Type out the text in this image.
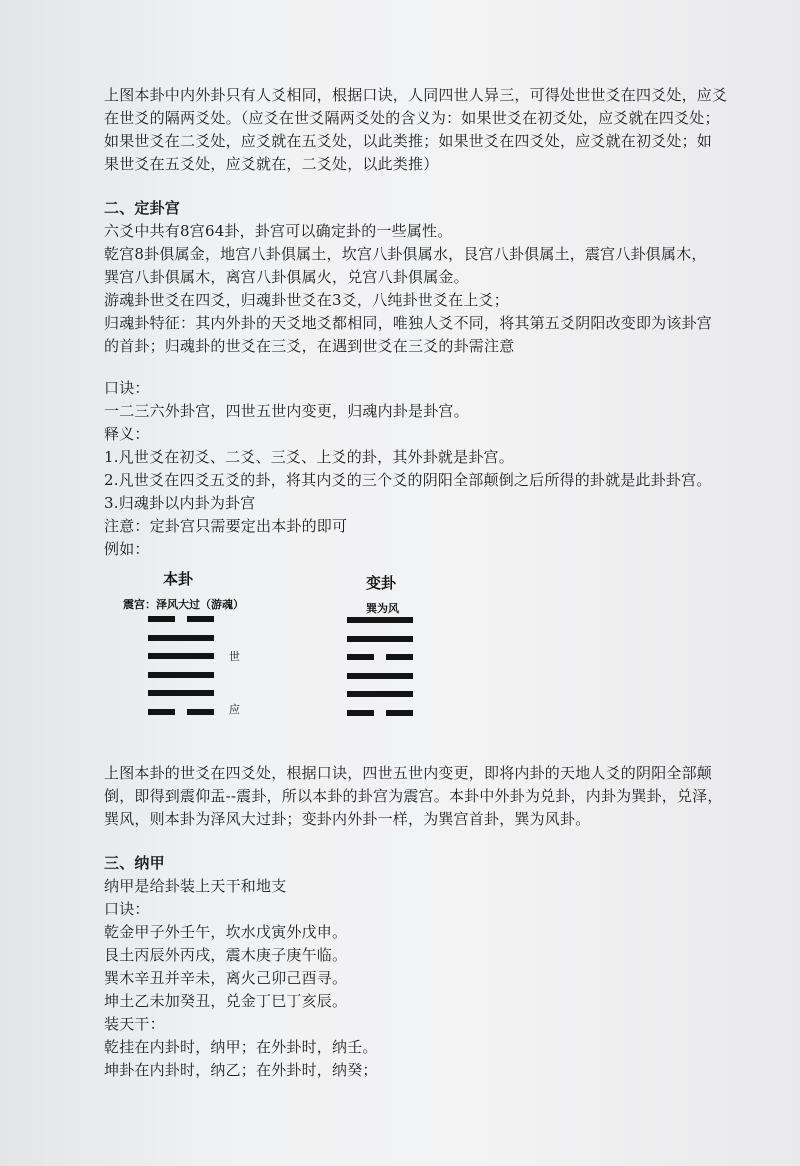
上图本卦中内外卦只有人爻相同，根据口诀，人同四世人异三，可得处世世爻在四爻处，应爻
在世爻的隔两爻处。（应爻在世爻隔两爻处的含义为：如果世爻在初爻处，应爻就在四爻处；
如果世爻在二爻处，应爻就在五爻处，以此类推；如果世爻在四爻处，应爻就在初爻处；如
果世爻在五爻处，应爻就在，二爻处，以此类推）
二、定卦宫
六爻中共有8宫64卦，卦宫可以确定卦的一些属性。
乾宫8卦俱属金，地宫八卦俱属土，坎宫八卦俱属水，艮宫八卦俱属土，震宫八卦俱属木，
巽宫八卦俱属木，离宫八卦俱属火，兑宫八卦俱属金。
游魂卦世爻在四爻，归魂卦世爻在3爻，八纯卦世爻在上爻；
归魂卦特征：其内外卦的天爻地爻都相同，唯独人爻不同，将其第五爻阴阳改变即为该卦宫
的首卦；归魂卦的世爻在三爻，在遇到世爻在三爻的卦需注意
口诀：
一二三六外卦宫，四世五世内变更，归魂内卦是卦宫。
释义：
1.凡世爻在初爻、二爻、三爻、上爻的卦，其外卦就是卦宫。
2.凡世爻在四爻五爻的卦，将其内爻的三个爻的阴阳全部颠倒之后所得的卦就是此卦卦宫。
3.归魂卦以内卦为卦宫
注意：定卦宫只需要定出本卦的即可
例如：
本卦
震宫：泽风大过（游魂）
世
应
变卦
巽为风
上图本卦的世爻在四爻处，根据口诀，四世五世内变更，即将内卦的天地人爻的阴阳全部颠
倒，即得到震仰盂--震卦，所以本卦的卦宫为震宫。本卦中外卦为兑卦，内卦为巽卦，兑泽，
巽风，则本卦为泽风大过卦；变卦内外卦一样，为巽宫首卦，巽为风卦。
三、纳甲
纳甲是给卦装上天干和地支
口诀：
乾金甲子外壬午，坎水戊寅外戊申。
艮土丙辰外丙戌，震木庚子庚午临。
巽木辛丑并辛未，离火己卯己酉寻。
坤土乙未加癸丑，兑金丁巳丁亥辰。
装天干：
乾挂在内卦时，纳甲；在外卦时，纳壬。
坤卦在内卦时，纳乙；在外卦时，纳癸；
